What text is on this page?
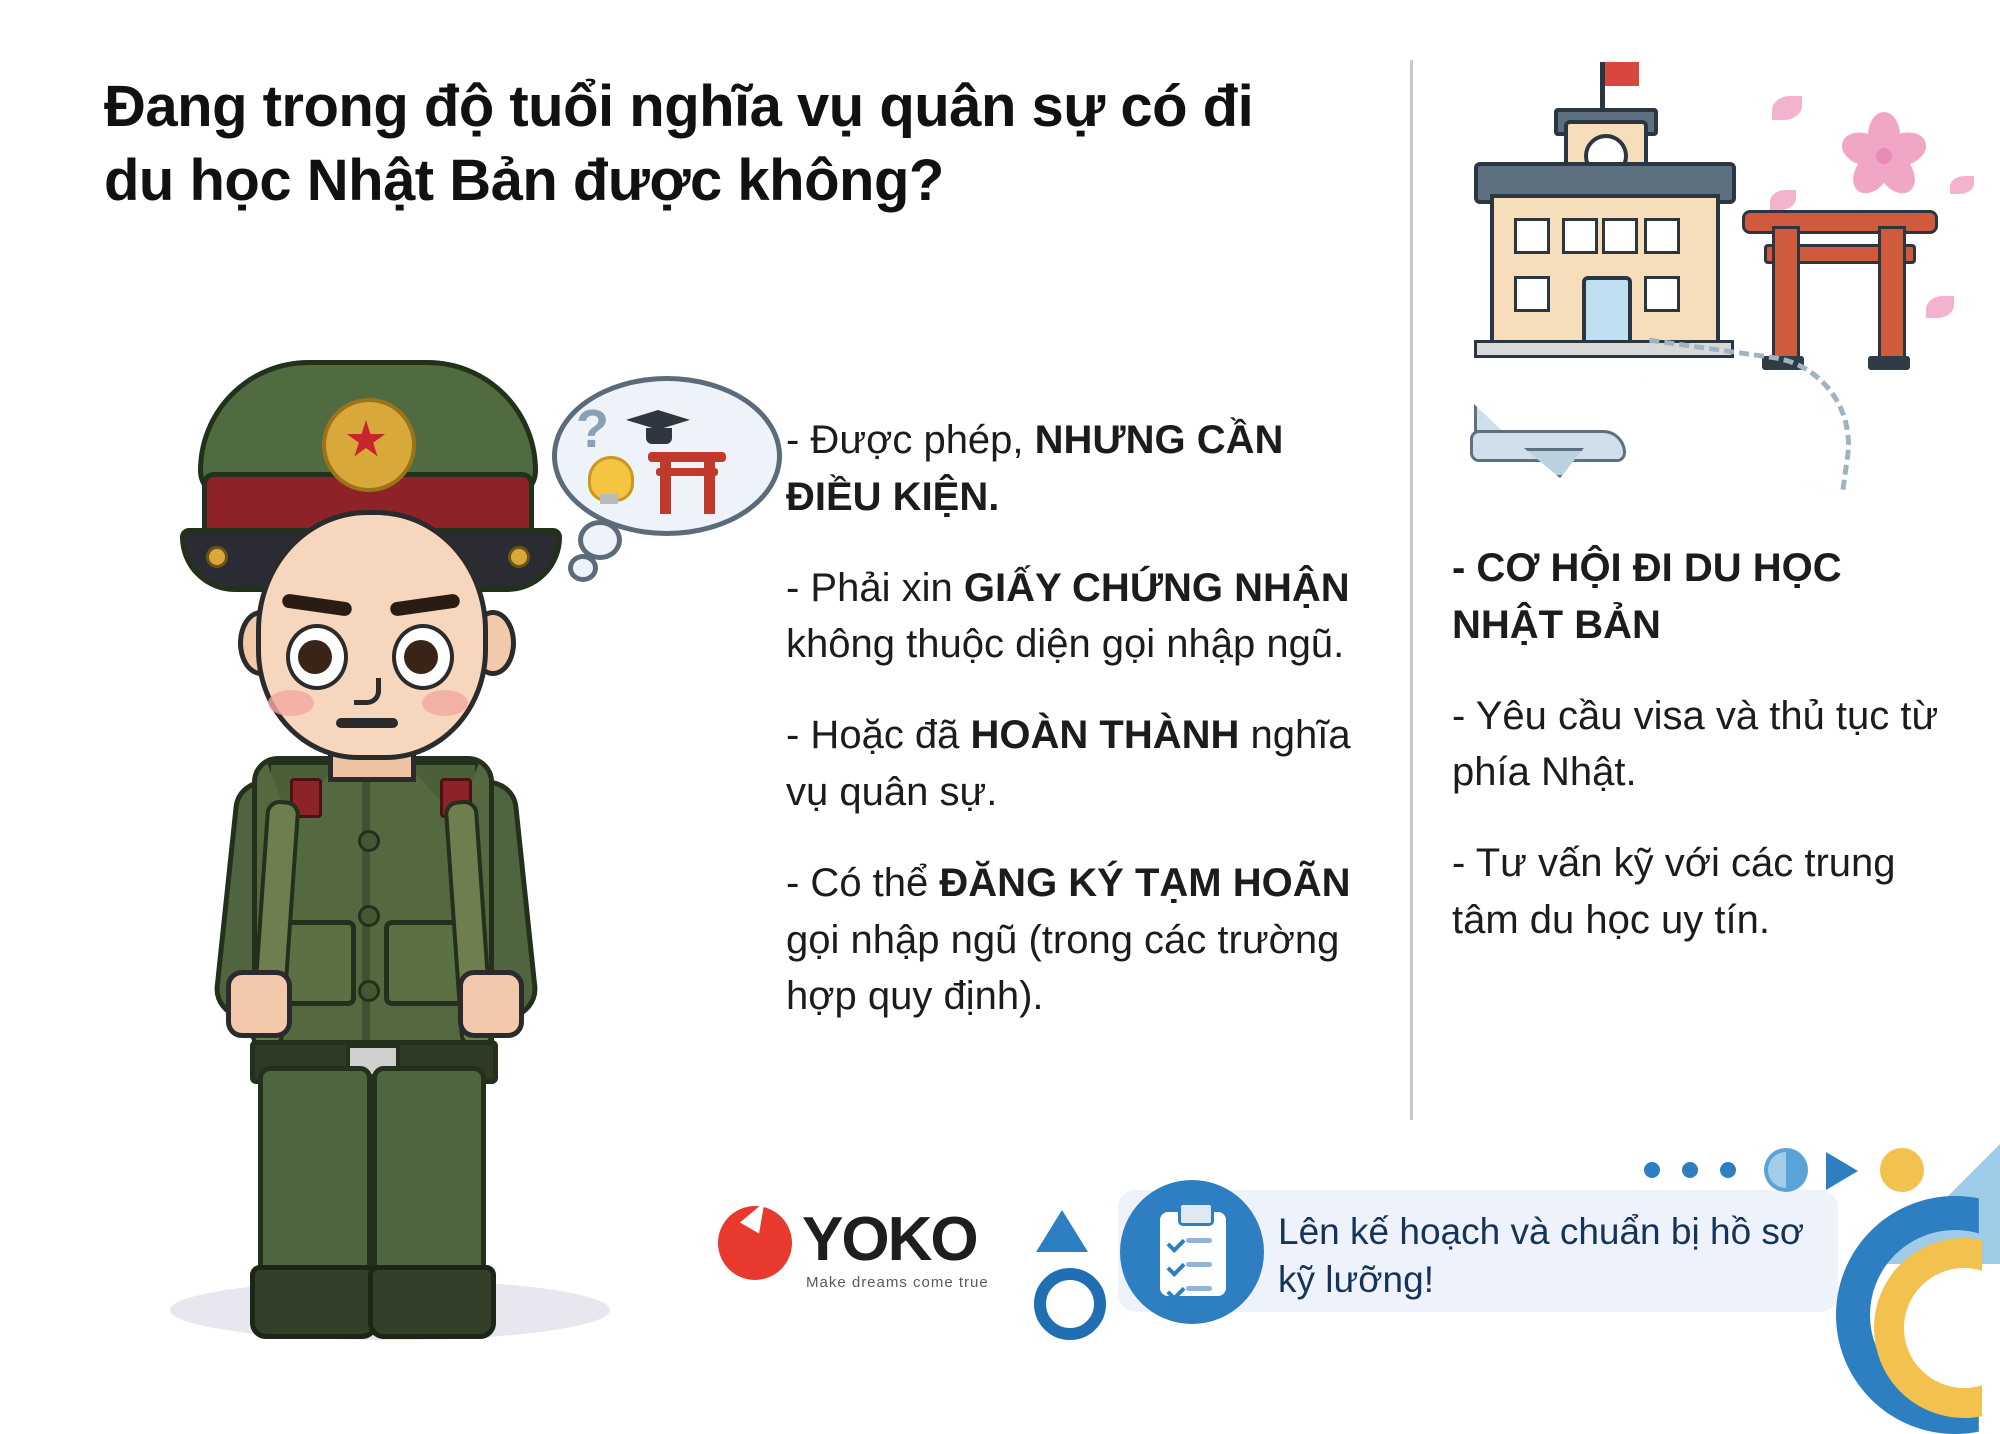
Đang trong độ tuổi nghĩa vụ quân sự có đi du học Nhật Bản được không?
?	- Được phép, NHƯNG CẦN ĐIỀU KIỆN.

- Phải xin GIẤY CHỨNG NHẬN không thuộc diện gọi nhập ngũ.

- Hoặc đã HOÀN THÀNH nghĩa vụ quân sự.

- Có thể ĐĂNG KÝ TẠM HOÃN gọi nhập ngũ (trong các trường hợp quy định).

- CƠ HỘI ĐI DU HỌC NHẬT BẢN

- Yêu cầu visa và thủ tục từ phía Nhật.

- Tư vấn kỹ với các trung tâm du học uy tín.

YOKO
Make dreams come true
Lên kế hoạch và chuẩn bị hồ sơ kỹ lưỡng!
